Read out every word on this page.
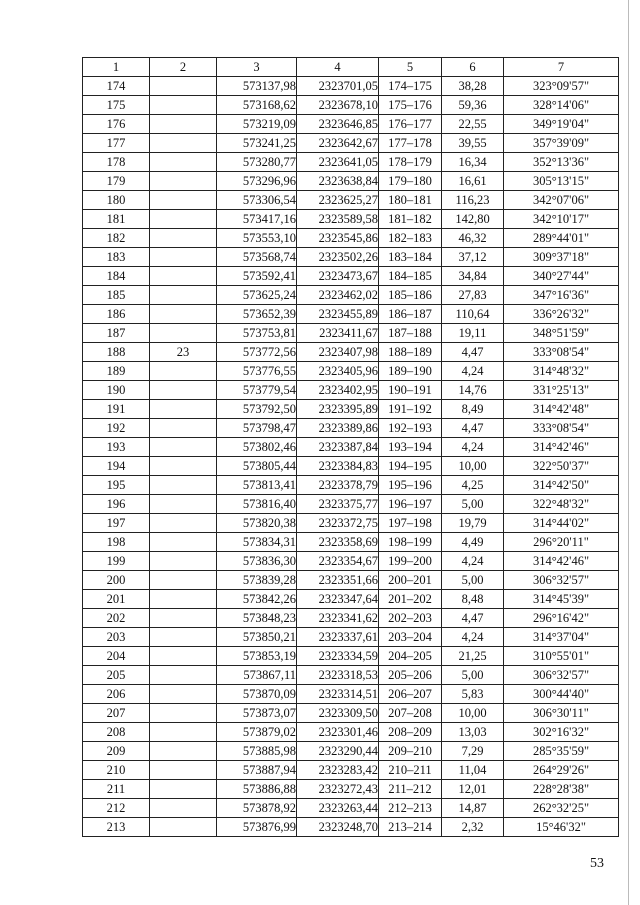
1	2	3	4	5	6	7
174		573137,98	2323701,05	174–175	38,28	323°09'57"
175		573168,62	2323678,10	175–176	59,36	328°14'06"
176		573219,09	2323646,85	176–177	22,55	349°19'04"
177		573241,25	2323642,67	177–178	39,55	357°39'09"
178		573280,77	2323641,05	178–179	16,34	352°13'36"
179		573296,96	2323638,84	179–180	16,61	305°13'15"
180		573306,54	2323625,27	180–181	116,23	342°07'06"
181		573417,16	2323589,58	181–182	142,80	342°10'17"
182		573553,10	2323545,86	182–183	46,32	289°44'01"
183		573568,74	2323502,26	183–184	37,12	309°37'18"
184		573592,41	2323473,67	184–185	34,84	340°27'44"
185		573625,24	2323462,02	185–186	27,83	347°16'36"
186		573652,39	2323455,89	186–187	110,64	336°26'32"
187		573753,81	2323411,67	187–188	19,11	348°51'59"
188	23	573772,56	2323407,98	188–189	4,47	333°08'54"
189		573776,55	2323405,96	189–190	4,24	314°48'32"
190		573779,54	2323402,95	190–191	14,76	331°25'13"
191		573792,50	2323395,89	191–192	8,49	314°42'48"
192		573798,47	2323389,86	192–193	4,47	333°08'54"
193		573802,46	2323387,84	193–194	4,24	314°42'46"
194		573805,44	2323384,83	194–195	10,00	322°50'37"
195		573813,41	2323378,79	195–196	4,25	314°42'50"
196		573816,40	2323375,77	196–197	5,00	322°48'32"
197		573820,38	2323372,75	197–198	19,79	314°44'02"
198		573834,31	2323358,69	198–199	4,49	296°20'11"
199		573836,30	2323354,67	199–200	4,24	314°42'46"
200		573839,28	2323351,66	200–201	5,00	306°32'57"
201		573842,26	2323347,64	201–202	8,48	314°45'39"
202		573848,23	2323341,62	202–203	4,47	296°16'42"
203		573850,21	2323337,61	203–204	4,24	314°37'04"
204		573853,19	2323334,59	204–205	21,25	310°55'01"
205		573867,11	2323318,53	205–206	5,00	306°32'57"
206		573870,09	2323314,51	206–207	5,83	300°44'40"
207		573873,07	2323309,50	207–208	10,00	306°30'11"
208		573879,02	2323301,46	208–209	13,03	302°16'32"
209		573885,98	2323290,44	209–210	7,29	285°35'59"
210		573887,94	2323283,42	210–211	11,04	264°29'26"
211		573886,88	2323272,43	211–212	12,01	228°28'38"
212		573878,92	2323263,44	212–213	14,87	262°32'25"
213		573876,99	2323248,70	213–214	2,32	15°46'32"
53
